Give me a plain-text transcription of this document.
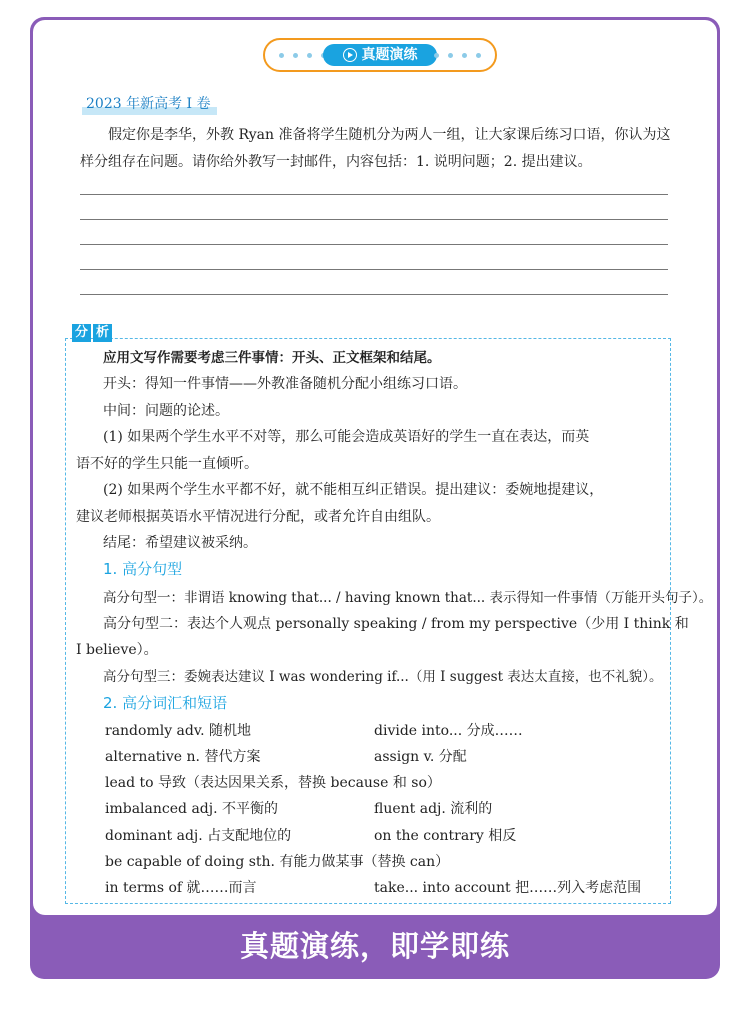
真题演练
2023 年新高考 I 卷

假定你是李华，外教 Ryan 准备将学生随机分为两人一组，让大家课后练习口语，你认为这样分组存在问题。请你给外教写一封邮件，内容包括：1. 说明问题；2. 提出建议。

分 析
应用文写作需要考虑三件事情：开头、正文框架和结尾。
开头：得知一件事情——外教准备随机分配小组练习口语。
中间：问题的论述。
(1) 如果两个学生水平不对等，那么可能会造成英语好的学生一直在表达，而英
语不好的学生只能一直倾听。
(2) 如果两个学生水平都不好，就不能相互纠正错误。提出建议：委婉地提建议，
建议老师根据英语水平情况进行分配，或者允许自由组队。
结尾：希望建议被采纳。
1. 高分句型
高分句型一：非谓语 knowing that... / having known that... 表示得知一件事情（万能开头句子）。
高分句型二：表达个人观点 personally speaking / from my perspective（少用 I think 和
I believe）。
高分句型三：委婉表达建议 I was wondering if...（用 I suggest 表达太直接，也不礼貌）。
2. 高分词汇和短语
randomly adv. 随机地	divide into... 分成……
alternative n. 替代方案	assign v. 分配
lead to 导致（表达因果关系，替换 because 和 so）
imbalanced adj. 不平衡的	fluent adj. 流利的
dominant adj. 占支配地位的	on the contrary 相反
be capable of doing sth. 有能力做某事（替换 can）
in terms of 就……而言	take... into account 把……列入考虑范围
真题演练，即学即练
